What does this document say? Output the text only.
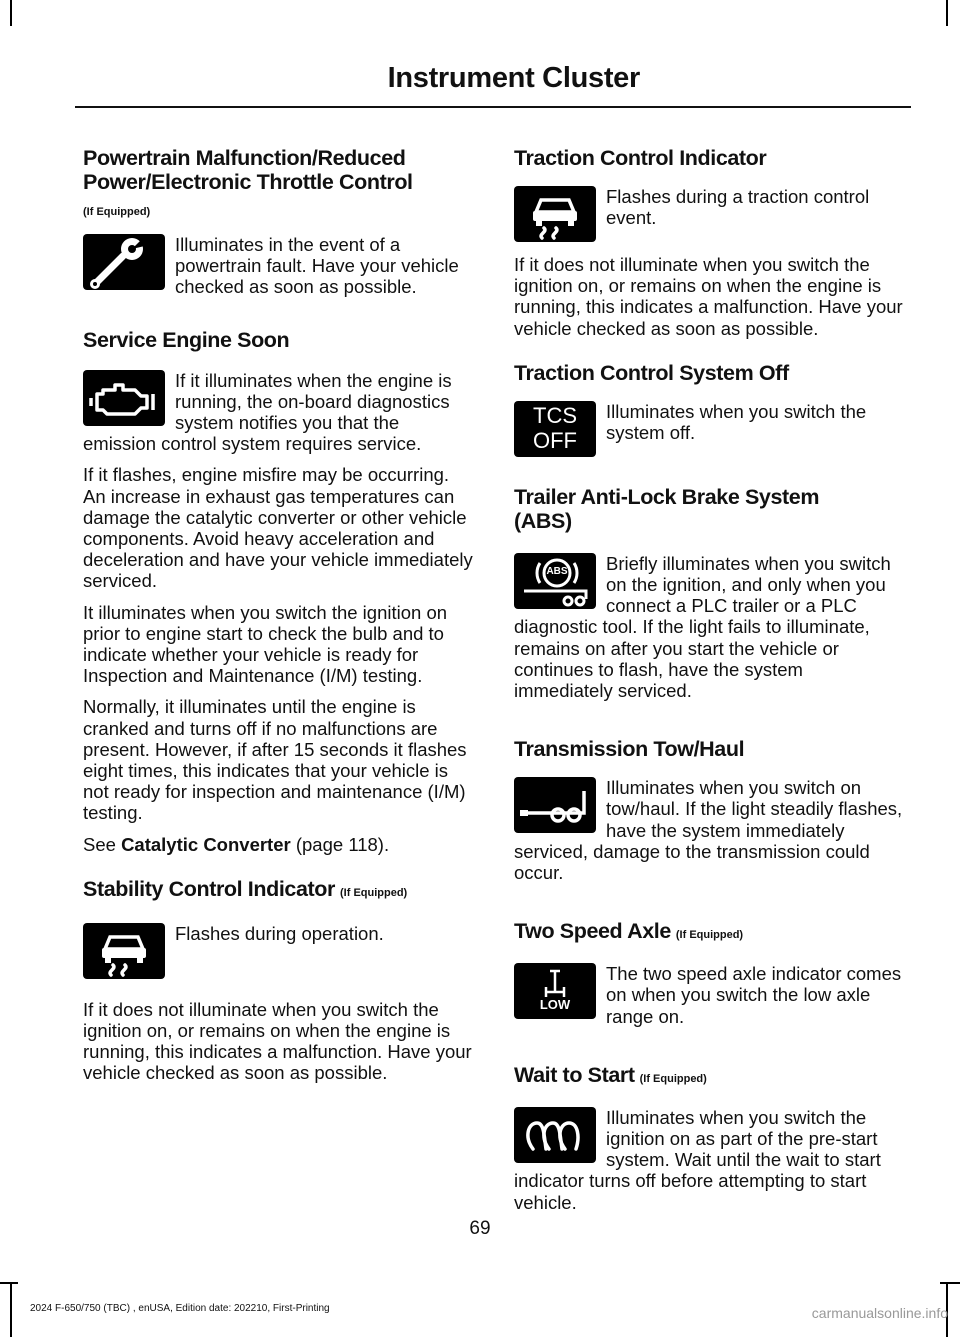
Instrument Cluster
Powertrain Malfunction/Reduced
Power/Electronic Throttle Control
(If Equipped)

Illuminates in the event of a powertrain fault. Have your vehicle checked as soon as possible.

Service Engine Soon

If it illuminates when the engine is running, the on-board diagnostics system notifies you that the emission control system requires service.

If it flashes, engine misfire may be occurring. An increase in exhaust gas temperatures can damage the catalytic converter or other vehicle components. Avoid heavy acceleration and deceleration and have your vehicle immediately serviced.

It illuminates when you switch the ignition on prior to engine start to check the bulb and to indicate whether your vehicle is ready for Inspection and Maintenance (I/M) testing.

Normally, it illuminates until the engine is cranked and turns off if no malfunctions are present. However, if after 15 seconds it flashes eight times, this indicates that your vehicle is not ready for inspection and maintenance (I/M) testing.

See Catalytic Converter (page 118).

Stability Control Indicator (If Equipped)

Flashes during operation.

If it does not illuminate when you switch the ignition on, or remains on when the engine is running, this indicates a malfunction. Have your vehicle checked as soon as possible.

Traction Control Indicator

Flashes during a traction control event.

If it does not illuminate when you switch the ignition on, or remains on when the engine is running, this indicates a malfunction. Have your vehicle checked as soon as possible.

Traction Control System Off
TCS
OFF

Illuminates when you switch the system off.

Trailer Anti-Lock Brake System
(ABS)
ABS	Briefly illuminates when you switch on the ignition, and only when you connect a PLC trailer or a PLC diagnostic tool. If the light fails to illuminate, remains on after you start the vehicle or continues to flash, have the system immediately serviced.

Transmission Tow/Haul

Illuminates when you switch on tow/haul. If the light steadily flashes, have the system immediately serviced, damage to the transmission could occur.

Two Speed Axle (If Equipped)
LOW

The two speed axle indicator comes on when you switch the low axle range on.

Wait to Start (If Equipped)

Illuminates when you switch the ignition on as part of the pre-start system. Wait until the wait to start indicator turns off before attempting to start vehicle.

69
2024 F-650/750 (TBC) , enUSA, Edition date: 202210, First-Printing	carmanualsonline.info
